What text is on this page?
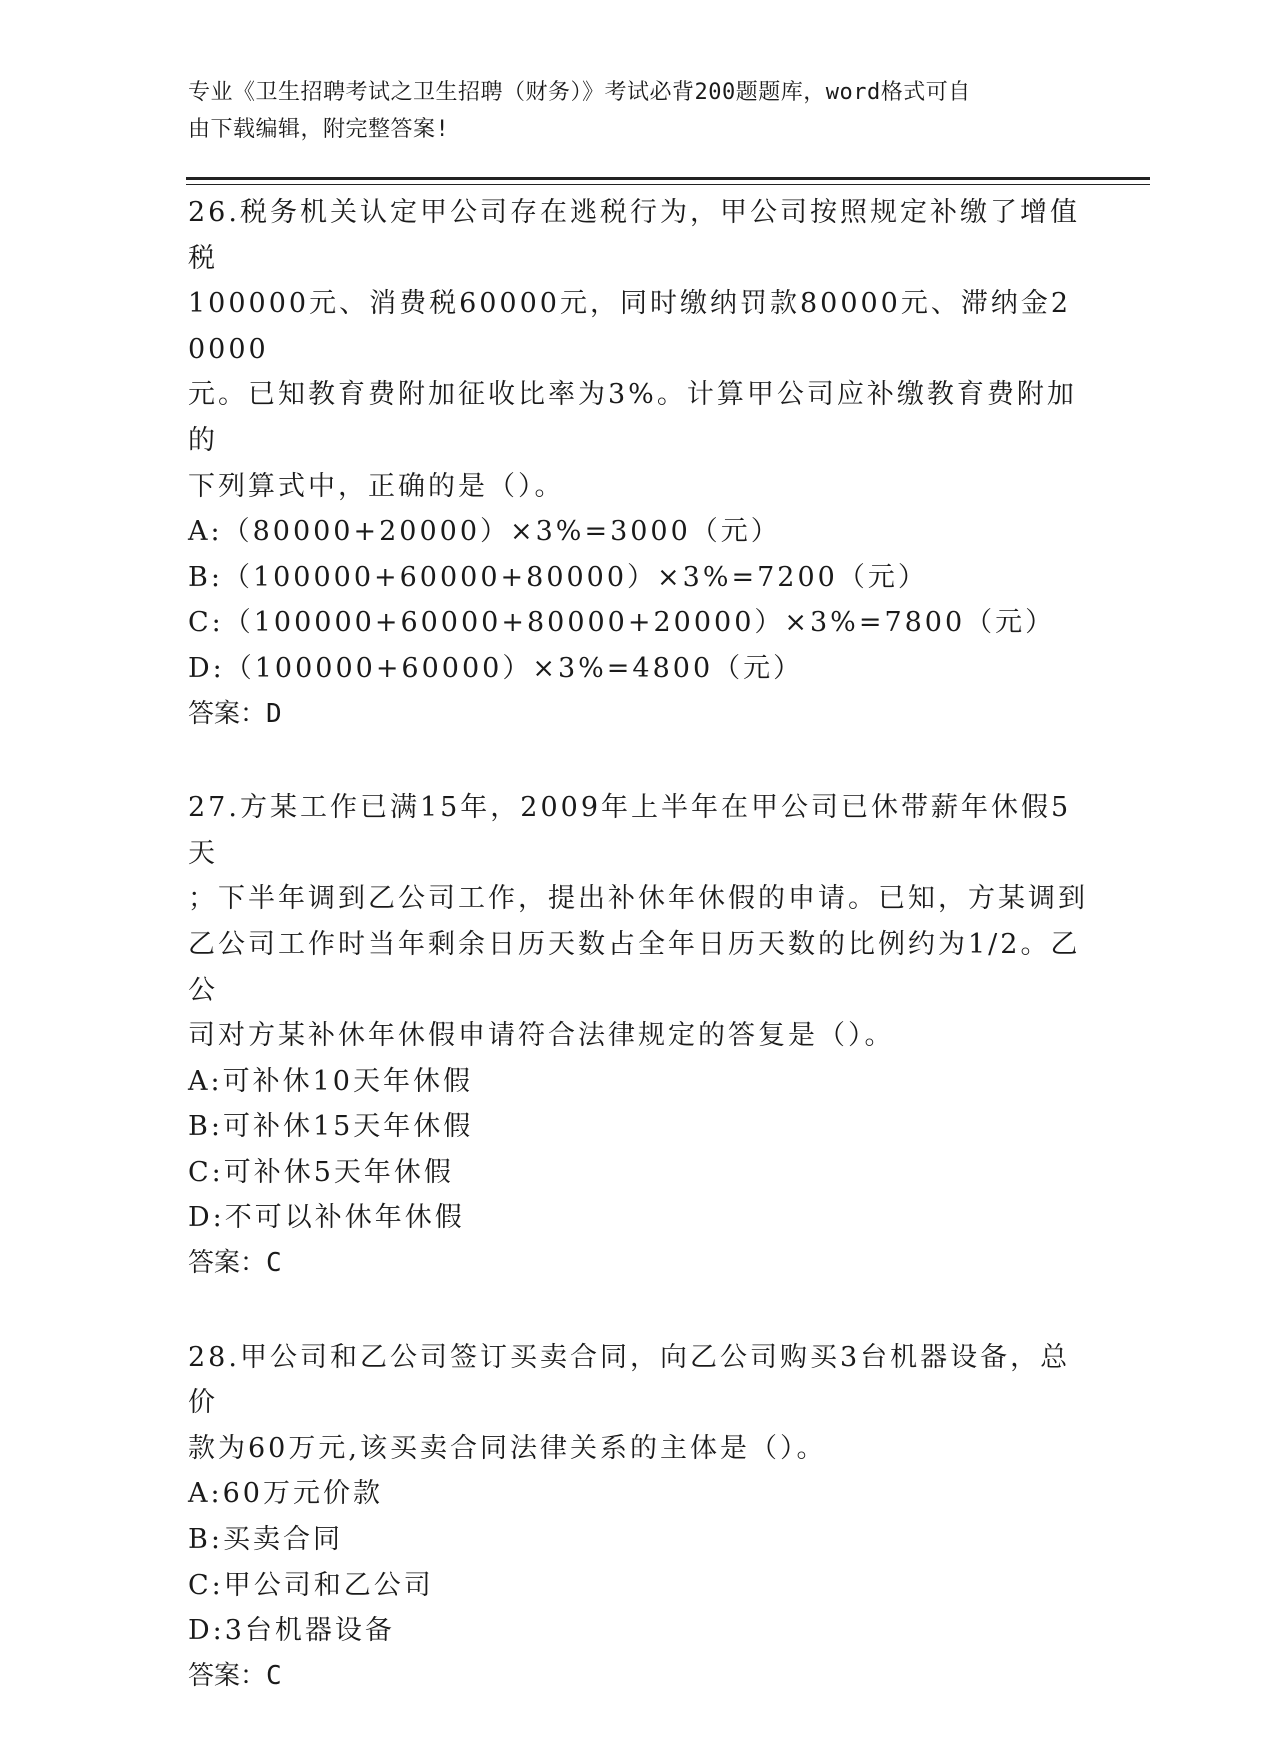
专业《卫生招聘考试之卫生招聘（财务）》考试必背200题题库，word格式可自
由下载编辑，附完整答案!

26.税务机关认定甲公司存在逃税行为，甲公司按照规定补缴了增值税

100000元、消费税60000元，同时缴纳罚款80000元、滞纳金20000

元。已知教育费附加征收比率为3%。计算甲公司应补缴教育费附加的

下列算式中，正确的是（）。

A:（80000+20000）×3%=3000（元）

B:（100000+60000+80000）×3%=7200（元）

C:（100000+60000+80000+20000）×3%=7800（元）

D:（100000+60000）×3%=4800（元）

答案：D

27.方某工作已满15年，2009年上半年在甲公司已休带薪年休假5天

；下半年调到乙公司工作，提出补休年休假的申请。已知，方某调到

乙公司工作时当年剩余日历天数占全年日历天数的比例约为1/2。乙公

司对方某补休年休假申请符合法律规定的答复是（）。

A:可补休10天年休假

B:可补休15天年休假

C:可补休5天年休假

D:不可以补休年休假

答案：C

28.甲公司和乙公司签订买卖合同，向乙公司购买3台机器设备，总价

款为60万元,该买卖合同法律关系的主体是（）。

A:60万元价款

B:买卖合同

C:甲公司和乙公司

D:3台机器设备

答案：C
